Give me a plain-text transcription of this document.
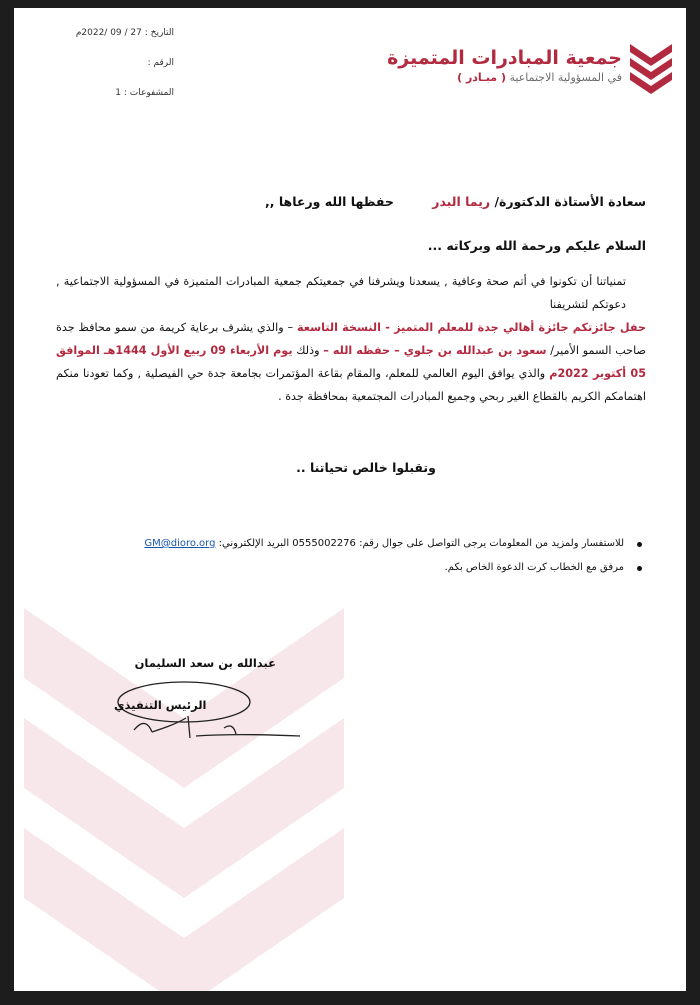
جمعية المبادرات المتميزة
في المسؤولية الاجتماعية ( مبـادر )
التاريخ : 27 / 09 /2022م
الرقم :
المشفوعات : 1
سعادة الأستاذة الدكتورة/ ريما البدر حفظها الله ورعاها ,,
السلام عليكم ورحمة الله وبركاته ...
تمنياتنا أن تكونوا في أتم صحة وعافية , يسعدنا ويشرفنا في جمعيتكم جمعية المبادرات المتميزة في المسؤولية الاجتماعية , دعوتكم لتشريفنا حفل جائزتكم جائزة أهالي جدة للمعلم المتميز - النسخة التاسعة – والذي يشرف برعاية كريمة من سمو محافظ جدة صاحب السمو الأمير/ سعود بن عبدالله بن جلوي – حفظه الله – وذلك يوم الأربعاء 09 ربيع الأول 1444هـ الموافق 05 أكتوبر 2022م والذي يوافق اليوم العالمي للمعلم، والمقام بقاعة المؤتمرات بجامعة جدة حي الفيصلية , وكما تعودنا منكم اهتمامكم الكريم بالقطاع الغير ربحي وجميع المبادرات المجتمعية بمحافظة جدة .
وتقبلوا خالص تحياتنا ..
للاستفسار ولمزيد من المعلومات يرجى التواصل على جوال رقم: 0555002276 البريد الإلكتروني: GM@dioro.org
مرفق مع الخطاب كرت الدعوة الخاص بكم.
عبدالله بن سعد السليمان
الرئيس التنفيذي
